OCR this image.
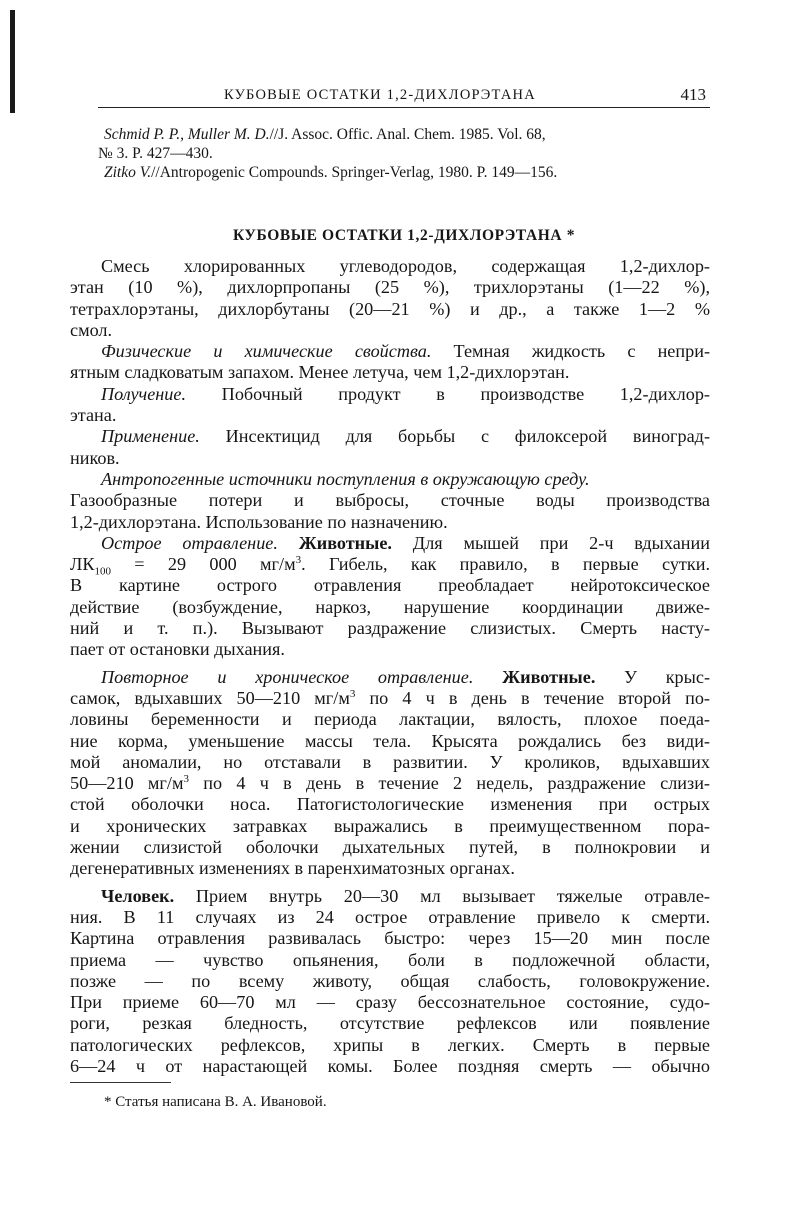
КУБОВЫЕ ОСТАТКИ 1,2-ДИХЛОРЭТАНА	413
Schmid P. P., Muller M. D.//J. Assoc. Offic. Anal. Chem. 1985. Vol. 68,
№ 3. P. 427—430.
Zitko V.//Antropogenic Compounds. Springer-Verlag, 1980. P. 149—156.
КУБОВЫЕ ОСТАТКИ 1,2-ДИХЛОРЭТАНА *
Смесь хлорированных углеводородов, содержащая 1,2-дихлор-
этан (10 %), дихлорпропаны (25 %), трихлорэтаны (1—22 %),
тетрахлорэтаны, дихлорбутаны (20—21 %) и др., а также 1—2 %
смол.
Физические и химические свойства. Темная жидкость с непри-
ятным сладковатым запахом. Менее летуча, чем 1,2-дихлорэтан.
Получение. Побочный продукт в производстве 1,2-дихлор-
этана.
Применение. Инсектицид для борьбы с филоксерой виноград-
ников.
Антропогенные источники поступления в окружающую среду.
Газообразные потери и выбросы, сточные воды производства
1,2-дихлорэтана. Использование по назначению.
Острое отравление. Животные. Для мышей при 2-ч вдыхании
$ЛК_{100} = 29$ 000 $мг/м^3$. Гибель, как правило, в первые сутки.
В картине острого отравления преобладает нейротоксическое
действие (возбуждение, наркоз, нарушение координации движе-
ний и т. п.). Вызывают раздражение слизистых. Смерть насту-
пает от остановки дыхания.
Повторное и хроническое отравление. Животные. У крыс-
самок, вдыхавших 50—210 $мг/м^3$ по 4 ч в день в течение второй по-
ловины беременности и периода лактации, вялость, плохое поеда-
ние корма, уменьшение массы тела. Крысята рождались без види-
мой аномалии, но отставали в развитии. У кроликов, вдыхавших
50—210 $мг/м^3$ по 4 ч в день в течение 2 недель, раздражение слизи-
стой оболочки носа. Патогистологические изменения при острых
и хронических затравках выражались в преимущественном пора-
жении слизистой оболочки дыхательных путей, в полнокровии и
дегенеративных изменениях в паренхиматозных органах.
Человек. Прием внутрь 20—30 мл вызывает тяжелые отравле-
ния. В 11 случаях из 24 острое отравление привело к смерти.
Картина отравления развивалась быстро: через 15—20 мин после
приема — чувство опьянения, боли в подложечной области,
позже — по всему животу, общая слабость, головокружение.
При приеме 60—70 мл — сразу бессознательное состояние, судо-
роги, резкая бледность, отсутствие рефлексов или появление
патологических рефлексов, хрипы в легких. Смерть в первые
6—24 ч от нарастающей комы. Более поздняя смерть — обычно
* Статья написана В. А. Ивановой.
